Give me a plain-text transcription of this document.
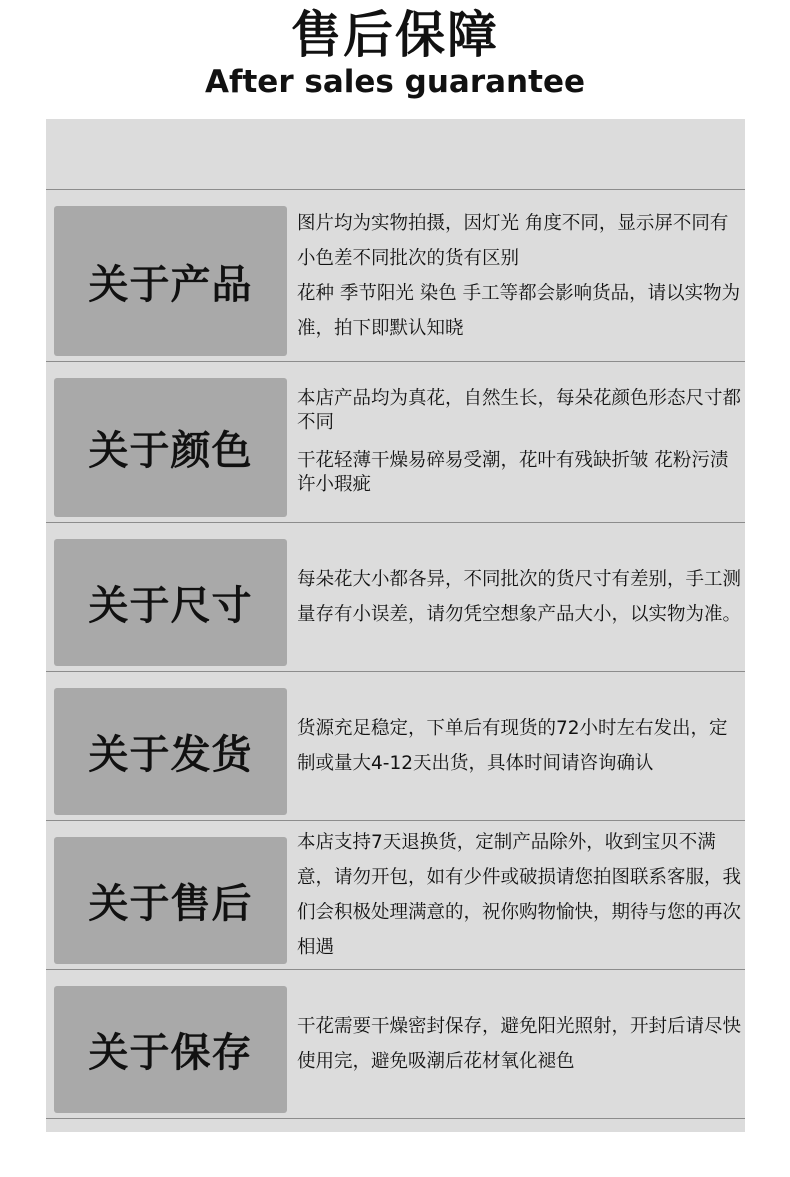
售后保障
After sales guarantee
关于产品

图片均为实物拍摄，因灯光 角度不同，显示屏不同有小色差不同批次的货有区别

花种 季节阳光 染色 手工等都会影响货品，请以实物为准，拍下即默认知晓

关于颜色

本店产品均为真花，自然生长，每朵花颜色形态尺寸都不同

干花轻薄干燥易碎易受潮，花叶有残缺折皱 花粉污渍许小瑕疵

关于尺寸

每朵花大小都各异，不同批次的货尺寸有差别，手工测量存有小误差，请勿凭空想象产品大小，以实物为准。

关于发货

货源充足稳定，下单后有现货的72小时左右发出，定制或量大4-12天出货，具体时间请咨询确认

关于售后

本店支持7天退换货，定制产品除外，收到宝贝不满意，请勿开包，如有少件或破损请您拍图联系客服，我们会积极处理满意的，祝你购物愉快，期待与您的再次相遇

关于保存

干花需要干燥密封保存，避免阳光照射，开封后请尽快使用完，避免吸潮后花材氧化褪色
